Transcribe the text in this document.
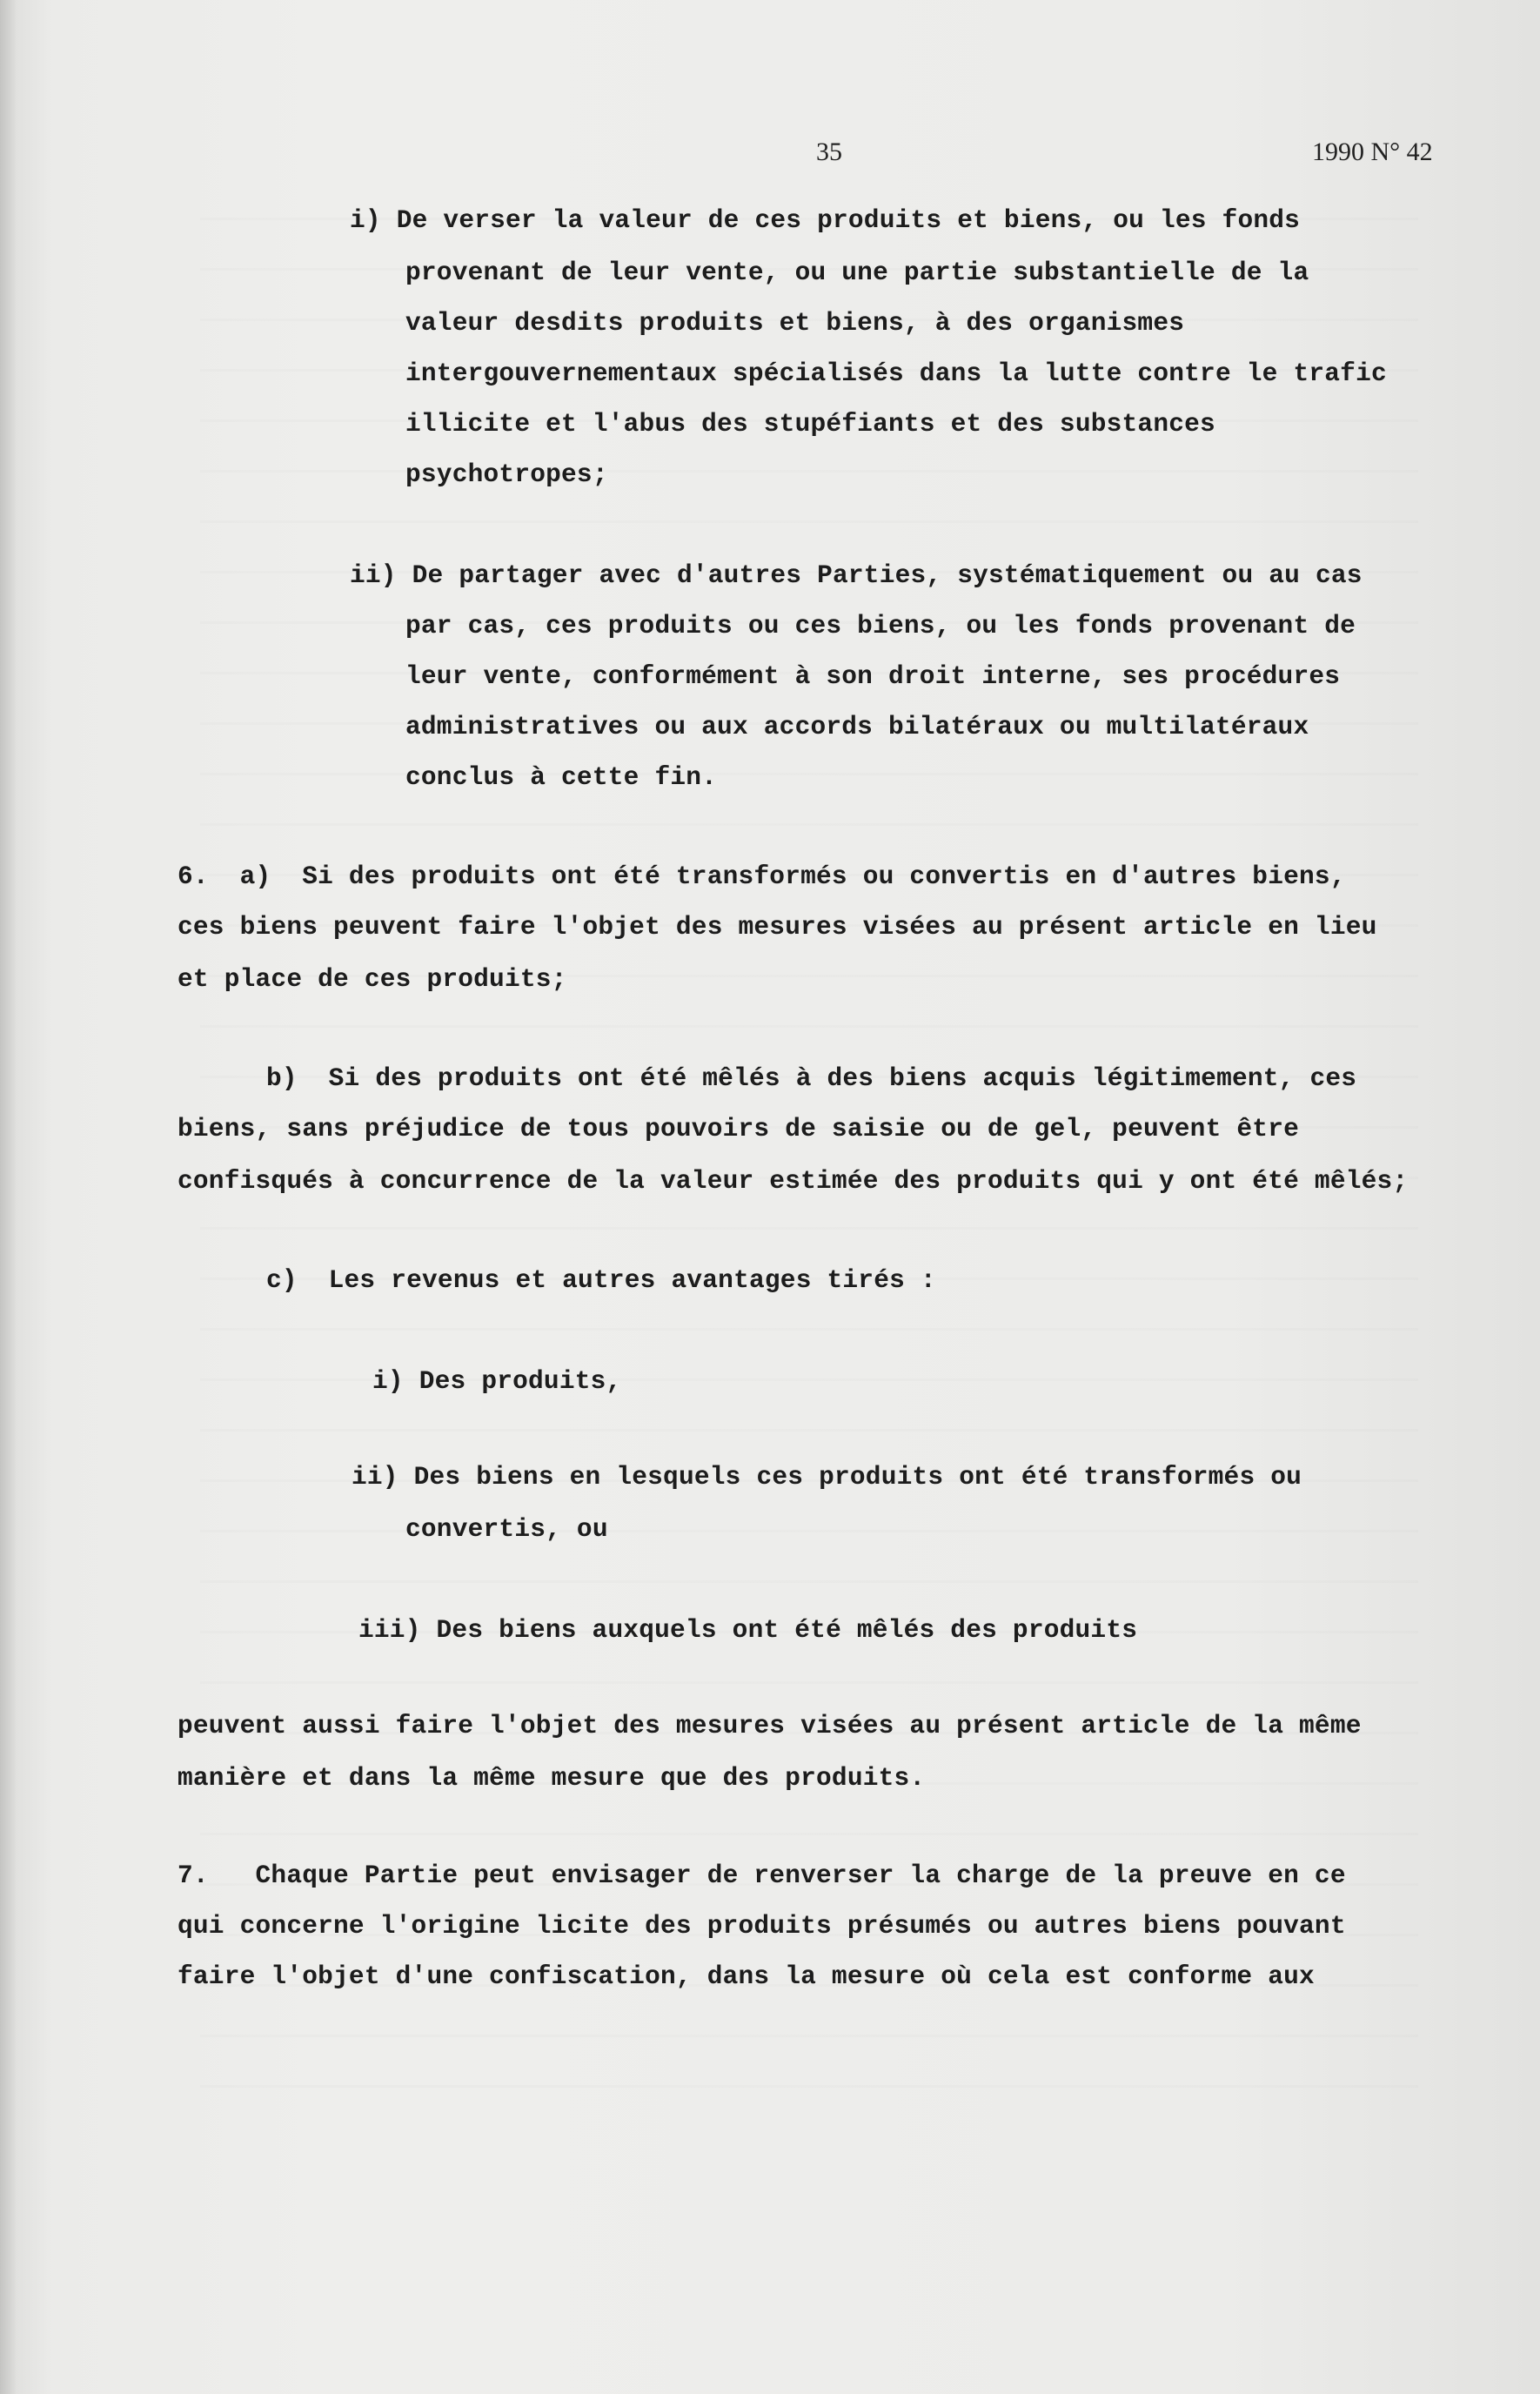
35	1990 N° 42
i) De verser la valeur de ces produits et biens, ou les fonds
provenant de leur vente, ou une partie substantielle de la
valeur desdits produits et biens, à des organismes
intergouvernementaux spécialisés dans la lutte contre le trafic
illicite et l'abus des stupéfiants et des substances
psychotropes;
ii) De partager avec d'autres Parties, systématiquement ou au cas
par cas, ces produits ou ces biens, ou les fonds provenant de
leur vente, conformément à son droit interne, ses procédures
administratives ou aux accords bilatéraux ou multilatéraux
conclus à cette fin.
6.  a)  Si des produits ont été transformés ou convertis en d'autres biens,
ces biens peuvent faire l'objet des mesures visées au présent article en lieu
et place de ces produits;
b)  Si des produits ont été mêlés à des biens acquis légitimement, ces
biens, sans préjudice de tous pouvoirs de saisie ou de gel, peuvent être
confisqués à concurrence de la valeur estimée des produits qui y ont été mêlés;
c)  Les revenus et autres avantages tirés :
i) Des produits,
ii) Des biens en lesquels ces produits ont été transformés ou
convertis, ou
iii) Des biens auxquels ont été mêlés des produits
peuvent aussi faire l'objet des mesures visées au présent article de la même
manière et dans la même mesure que des produits.
7.   Chaque Partie peut envisager de renverser la charge de la preuve en ce
qui concerne l'origine licite des produits présumés ou autres biens pouvant
faire l'objet d'une confiscation, dans la mesure où cela est conforme aux
